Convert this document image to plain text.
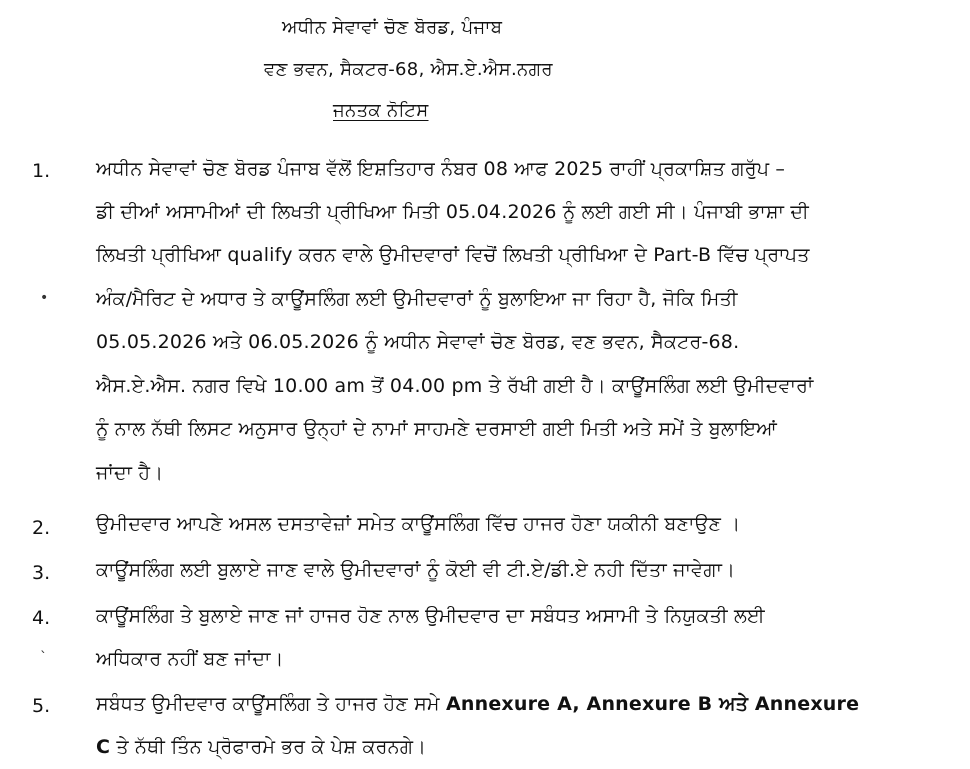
ਅਧੀਨ ਸੇਵਾਵਾਂ ਚੋਣ ਬੋਰਡ, ਪੰਜਾਬ
ਵਣ ਭਵਨ, ਸੈਕਟਰ-68, ਐਸ.ਏ.ਐਸ.ਨਗਰ
ਜਨਤਕ ਨੋਟਿਸ
1. ਅਧੀਨ ਸੇਵਾਵਾਂ ਚੋਣ ਬੋਰਡ ਪੰਜਾਬ ਵੱਲੋਂ ਇਸ਼ਤਿਹਾਰ ਨੰਬਰ 08 ਆਫ 2025 ਰਾਹੀਂ ਪ੍ਰਕਾਸ਼ਿਤ ਗਰੁੱਪ –
ਡੀ ਦੀਆਂ ਅਸਾਮੀਆਂ ਦੀ ਲਿਖਤੀ ਪ੍ਰੀਖਿਆ ਮਿਤੀ 05.04.2026 ਨੂੰ ਲਈ ਗਈ ਸੀ। ਪੰਜਾਬੀ ਭਾਸ਼ਾ ਦੀ
ਲਿਖਤੀ ਪ੍ਰੀਖਿਆ qualify ਕਰਨ ਵਾਲੇ ਉਮੀਦਵਾਰਾਂ ਵਿਚੋਂ ਲਿਖਤੀ ਪ੍ਰੀਖਿਆ ਦੇ Part-B ਵਿੱਚ ਪ੍ਰਾਪਤ
ਅੰਕ/ਮੈਰਿਟ ਦੇ ਅਧਾਰ ਤੇ ਕਾਊਂਸਲਿੰਗ ਲਈ ਉਮੀਦਵਾਰਾਂ ਨੂੰ ਬੁਲਾਇਆ ਜਾ ਰਿਹਾ ਹੈ, ਜੋਕਿ ਮਿਤੀ
05.05.2026 ਅਤੇ 06.05.2026 ਨੂੰ ਅਧੀਨ ਸੇਵਾਵਾਂ ਚੋਣ ਬੋਰਡ, ਵਣ ਭਵਨ, ਸੈਕਟਰ-68.
ਐਸ.ਏ.ਐਸ. ਨਗਰ ਵਿਖੇ 10.00 am ਤੋਂ 04.00 pm ਤੇ ਰੱਖੀ ਗਈ ਹੈ। ਕਾਊਂਸਲਿੰਗ ਲਈ ਉਮੀਦਵਾਰਾਂ
ਨੂੰ ਨਾਲ ਨੱਥੀ ਲਿਸਟ ਅਨੁਸਾਰ ਉਨ੍ਹਾਂ ਦੇ ਨਾਮਾਂ ਸਾਹਮਣੇ ਦਰਸਾਈ ਗਈ ਮਿਤੀ ਅਤੇ ਸਮੇਂ ਤੇ ਬੁਲਾਇਆਂ
ਜਾਂਦਾ ਹੈ।
2. ਉਮੀਦਵਾਰ ਆਪਣੇ ਅਸਲ ਦਸਤਾਵੇਜ਼ਾਂ ਸਮੇਤ ਕਾਊਂਸਲਿੰਗ ਵਿੱਚ ਹਾਜਰ ਹੋਣਾ ਯਕੀਨੀ ਬਣਾਉਣ ।
3. ਕਾਊਂਸਲਿੰਗ ਲਈ ਬੁਲਾਏ ਜਾਣ ਵਾਲੇ ਉਮੀਦਵਾਰਾਂ ਨੂੰ ਕੋਈ ਵੀ ਟੀ.ਏ/ਡੀ.ਏ ਨਹੀ ਦਿੱਤਾ ਜਾਵੇਗਾ।
4. ਕਾਊਂਸਲਿੰਗ ਤੇ ਬੁਲਾਏ ਜਾਣ ਜਾਂ ਹਾਜਰ ਹੋਣ ਨਾਲ ਉਮੀਦਵਾਰ ਦਾ ਸਬੰਧਤ ਅਸਾਮੀ ਤੇ ਨਿਯੁਕਤੀ ਲਈ
ਅਧਿਕਾਰ ਨਹੀਂ ਬਣ ਜਾਂਦਾ।
5. ਸਬੰਧਤ ਉਮੀਦਵਾਰ ਕਾਊਂਸਲਿੰਗ ਤੇ ਹਾਜਰ ਹੋਣ ਸਮੇ Annexure A, Annexure B ਅਤੇ Annexure
C ਤੇ ਨੱਥੀ ਤਿੰਨ ਪ੍ਰੋਫਾਰਮੇ ਭਰ ਕੇ ਪੇਸ਼ ਕਰਨਗੇ।
•
ˋ
